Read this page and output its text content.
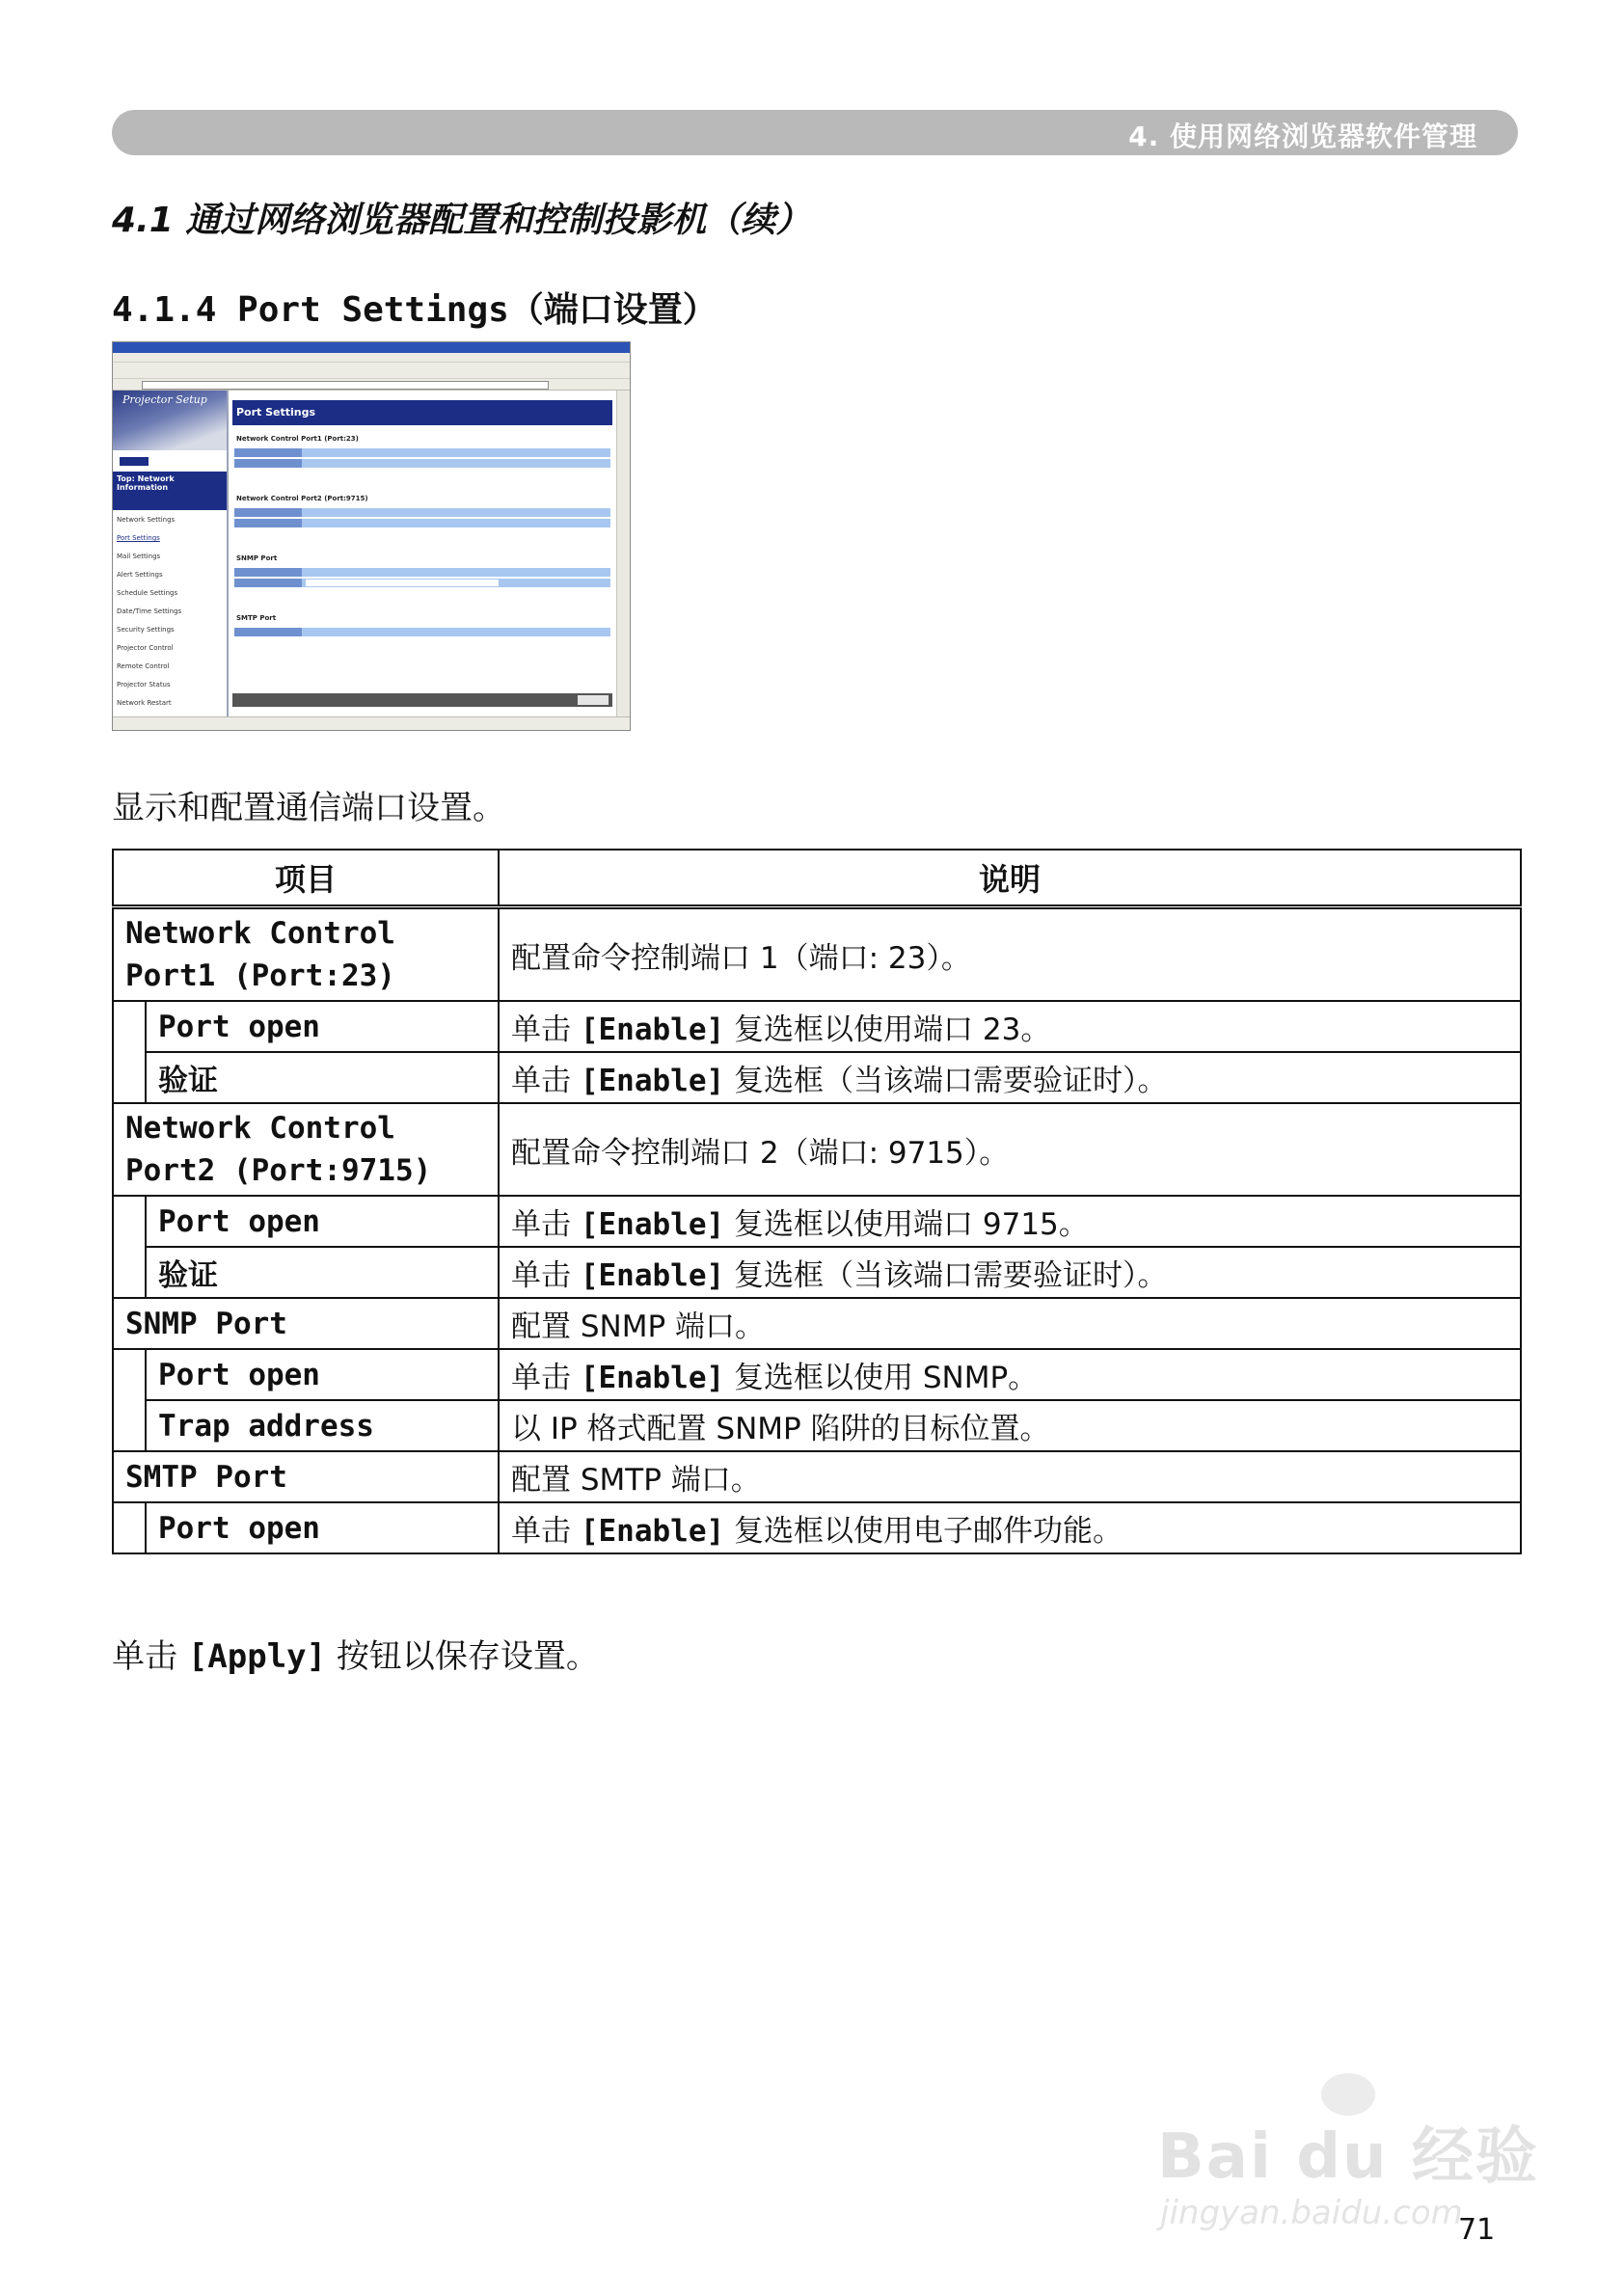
4. 使用网络浏览器软件管理
4.1 通过网络浏览器配置和控制投影机（续）
4.1.4 Port Settings（端口设置）
Projector Setup
Top: Network Information
Network Settings
Port Settings
Mail Settings
Alert Settings
Schedule Settings
Date/Time Settings
Security Settings
Projector Control
Remote Control
Projector Status
Network Restart
Port Settings
Network Control Port1 (Port:23)
Network Control Port2 (Port:9715)
SNMP Port
SMTP Port
显示和配置通信端口设置。
项目		说明
Network Control Port1 (Port:23)		配置命令控制端口 1（端口: 23）。
	Port open	单击 [Enable] 复选框以使用端口 23。
	验证	单击 [Enable] 复选框（当该端口需要验证时）。
Network Control Port2 (Port:9715)		配置命令控制端口 2（端口: 9715）。
	Port open	单击 [Enable] 复选框以使用端口 9715。
	验证	单击 [Enable] 复选框（当该端口需要验证时）。
SNMP Port		配置 SNMP 端口。
	Port open	单击 [Enable] 复选框以使用 SNMP。
	Trap address	以 IP 格式配置 SNMP 陷阱的目标位置。
SMTP Port		配置 SMTP 端口。
	Port open	单击 [Enable] 复选框以使用电子邮件功能。
单击 [Apply] 按钮以保存设置。
Bai du 经验
jingyan.baidu.com
71
